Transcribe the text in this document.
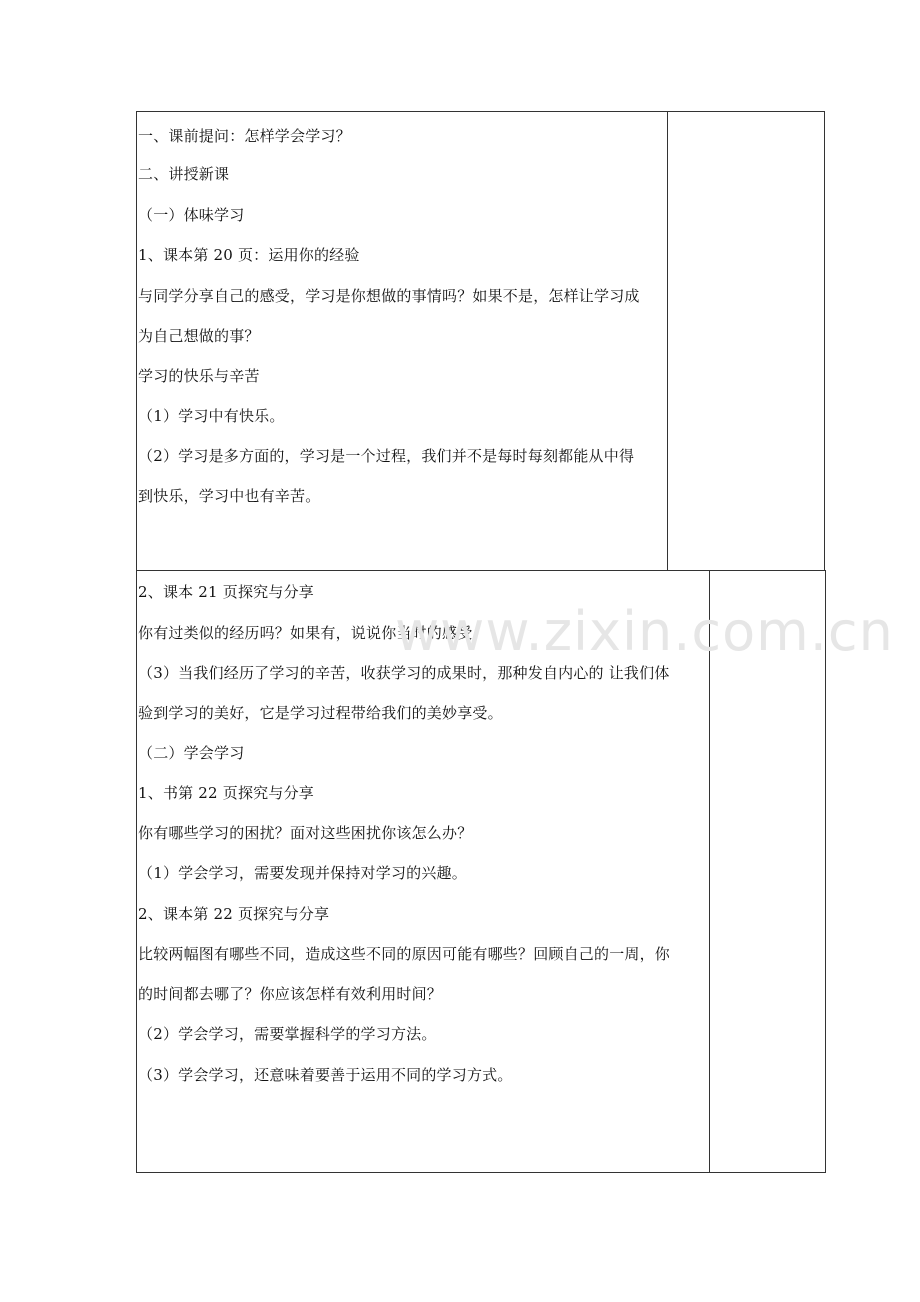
一、课前提问：怎样学会学习？
二、讲授新课
（一）体味学习
1、课本第 20 页：运用你的经验
与同学分享自己的感受，学习是你想做的事情吗？如果不是，怎样让学习成
为自己想做的事？
学习的快乐与辛苦
（1）学习中有快乐。
（2）学习是多方面的，学习是一个过程，我们并不是每时每刻都能从中得
到快乐，学习中也有辛苦。
2、课本 21 页探究与分享
你有过类似的经历吗？如果有，说说你当时的感受。
（3）当我们经历了学习的辛苦，收获学习的成果时，那种发自内心的 让我们体
验到学习的美好，它是学习过程带给我们的美妙享受。
（二）学会学习
1、书第 22 页探究与分享
你有哪些学习的困扰？面对这些困扰你该怎么办？
（1）学会学习，需要发现并保持对学习的兴趣。
2、课本第 22 页探究与分享
比较两幅图有哪些不同，造成这些不同的原因可能有哪些？回顾自己的一周，你
的时间都去哪了？你应该怎样有效利用时间？
（2）学会学习，需要掌握科学的学习方法。
（3）学会学习，还意味着要善于运用不同的学习方式。
www.zixin.com.cn
